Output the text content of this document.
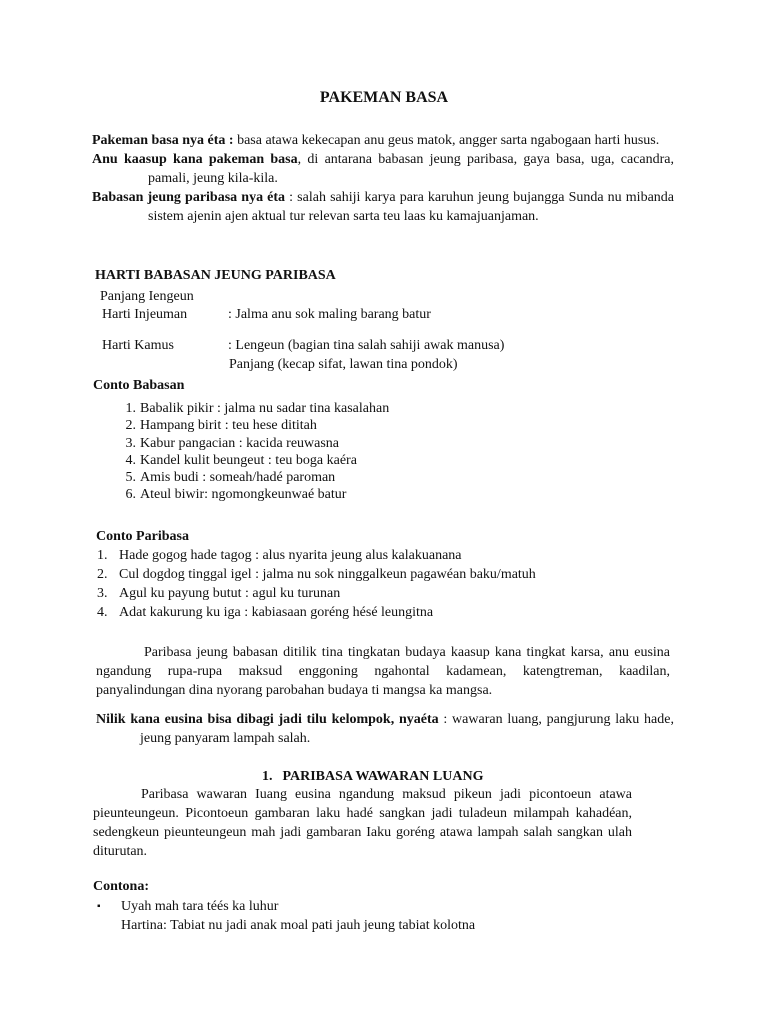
PAKEMAN BASA

Pakeman basa nya éta : basa atawa kekecapan anu geus matok, angger sarta ngabogaan harti husus.

Anu kaasup kana pakeman basa, di antarana babasan jeung paribasa, gaya basa, uga, cacandra, pamali, jeung kila-kila.

Babasan jeung paribasa nya éta : salah sahiji karya para karuhun jeung bujangga Sunda nu mibanda sistem ajenin ajen aktual tur relevan sarta teu laas ku kamajuanjaman.

HARTI BABASAN JEUNG PARIBASA
Panjang Iengeun
Harti Injeuman	: Jalma anu sok maling barang batur
Harti Kamus	: Lengeun (bagian tina salah sahiji awak manusa)
Panjang (kecap sifat, lawan tina pondok)
Conto Babasan
1. Babalik pikir : jalma nu sadar tina kasalahan
2. Hampang birit : teu hese dititah
3. Kabur pangacian : kacida reuwasna
4. Kandel kulit beungeut : teu boga kaéra
5. Amis budi : someah/hadé paroman
6. Ateul biwir: ngomongkeunwaé batur
Conto Paribasa
1. Hade gogog hade tagog : alus nyarita jeung alus kalakuanana
2. Cul dogdog tinggal igel : jalma nu sok ninggalkeun pagawéan baku/matuh
3. Agul ku payung butut : agul ku turunan
4. Adat kakurung ku iga : kabiasaan goréng hésé leungitna
Paribasa jeung babasan ditilik tina tingkatan budaya kaasup kana tingkat karsa, anu eusina ngandung rupa-rupa maksud enggoning ngahontal kadamean, katengtreman, kaadilan, panyalindungan dina nyorang parobahan budaya ti mangsa ka mangsa.
Nilik kana eusina bisa dibagi jadi tilu kelompok, nyaéta : wawaran luang, pangjurung laku hade, jeung panyaram lampah salah.
1. PARIBASA WAWARAN LUANG
Paribasa wawaran Iuang eusina ngandung maksud pikeun jadi picontoeun atawa pieunteungeun. Picontoeun gambaran laku hadé sangkan jadi tuladeun milampah kahadéan, sedengkeun pieunteungeun mah jadi gambaran Iaku goréng atawa lampah salah sangkan ulah diturutan.
Contona:
▪ Uyah mah tara téés ka luhur
Hartina: Tabiat nu jadi anak moal pati jauh jeung tabiat kolotna
